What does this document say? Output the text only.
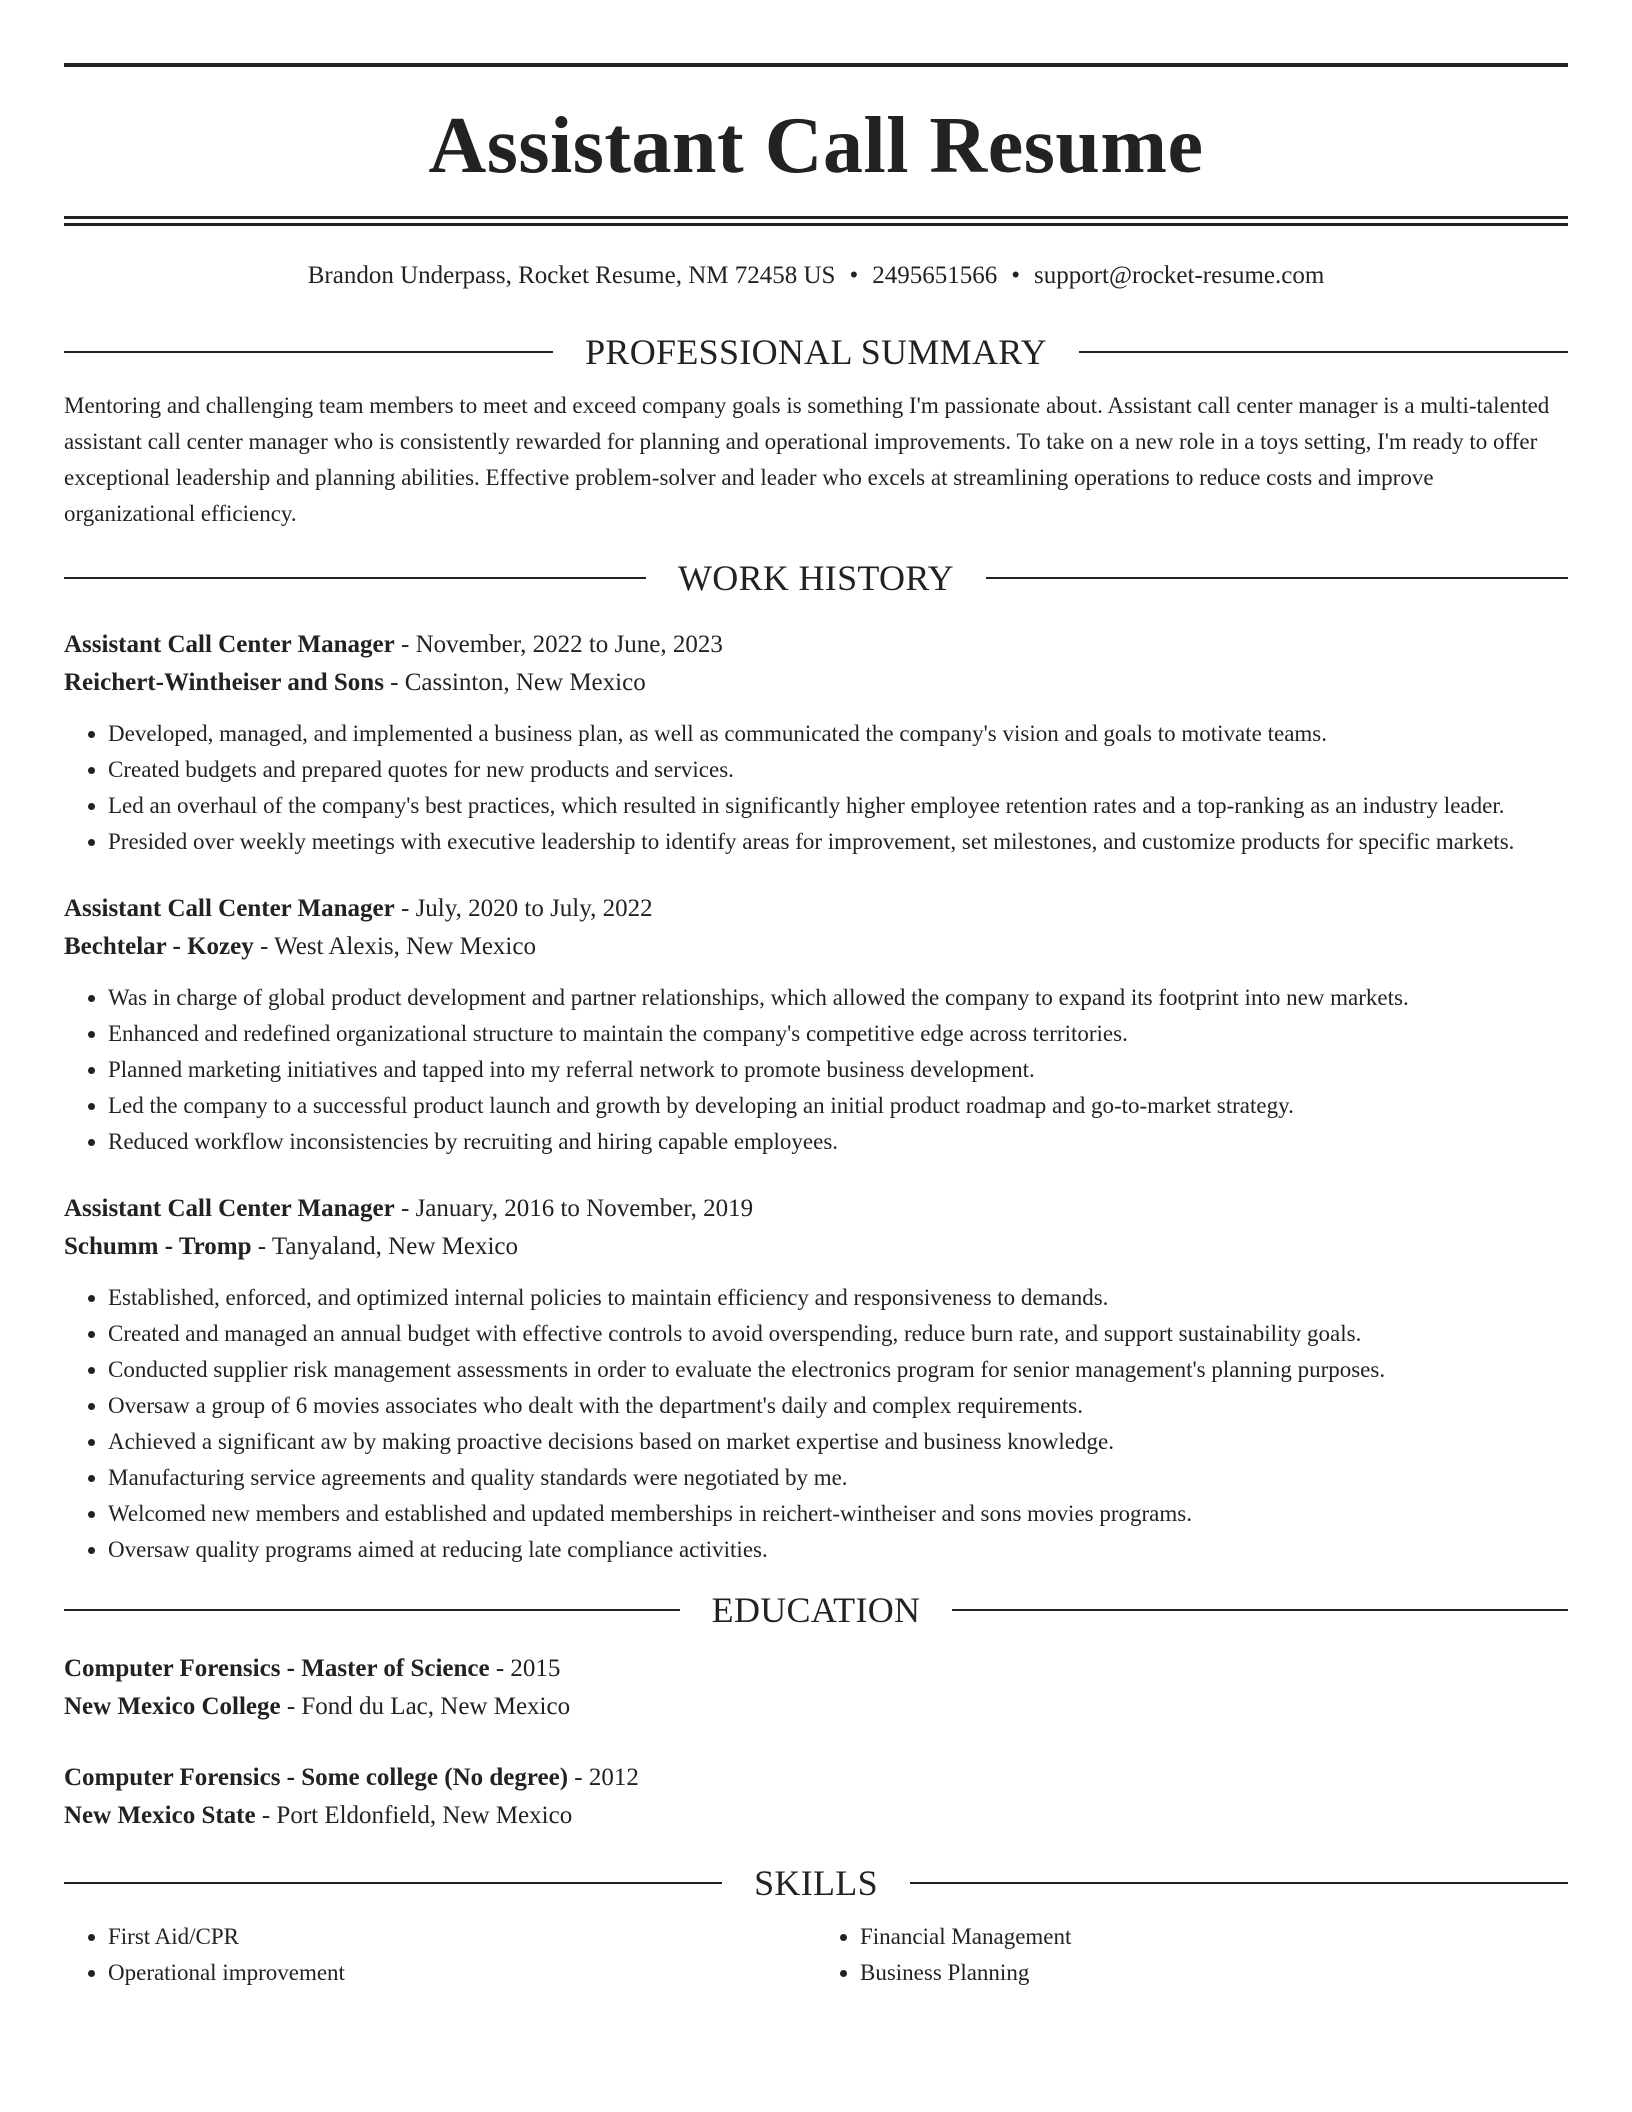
Assistant Call Resume
Brandon Underpass, Rocket Resume, NM 72458 US • 2495651566 • support@rocket-resume.com
PROFESSIONAL SUMMARY

Mentoring and challenging team members to meet and exceed company goals is something I'm passionate about. Assistant call center manager is a multi-talented assistant call center manager who is consistently rewarded for planning and operational improvements. To take on a new role in a toys setting, I'm ready to offer exceptional leadership and planning abilities. Effective problem-solver and leader who excels at streamlining operations to reduce costs and improve organizational efficiency.

WORK HISTORY
Assistant Call Center Manager - November, 2022 to June, 2023
Reichert-Wintheiser and Sons - Cassinton, New Mexico
• Developed, managed, and implemented a business plan, as well as communicated the company's vision and goals to motivate teams.
• Created budgets and prepared quotes for new products and services.
• Led an overhaul of the company's best practices, which resulted in significantly higher employee retention rates and a top-ranking as an industry leader.
• Presided over weekly meetings with executive leadership to identify areas for improvement, set milestones, and customize products for specific markets.
Assistant Call Center Manager - July, 2020 to July, 2022
Bechtelar - Kozey - West Alexis, New Mexico
• Was in charge of global product development and partner relationships, which allowed the company to expand its footprint into new markets.
• Enhanced and redefined organizational structure to maintain the company's competitive edge across territories.
• Planned marketing initiatives and tapped into my referral network to promote business development.
• Led the company to a successful product launch and growth by developing an initial product roadmap and go-to-market strategy.
• Reduced workflow inconsistencies by recruiting and hiring capable employees.
Assistant Call Center Manager - January, 2016 to November, 2019
Schumm - Tromp - Tanyaland, New Mexico
• Established, enforced, and optimized internal policies to maintain efficiency and responsiveness to demands.
• Created and managed an annual budget with effective controls to avoid overspending, reduce burn rate, and support sustainability goals.
• Conducted supplier risk management assessments in order to evaluate the electronics program for senior management's planning purposes.
• Oversaw a group of 6 movies associates who dealt with the department's daily and complex requirements.
• Achieved a significant aw by making proactive decisions based on market expertise and business knowledge.
• Manufacturing service agreements and quality standards were negotiated by me.
• Welcomed new members and established and updated memberships in reichert-wintheiser and sons movies programs.
• Oversaw quality programs aimed at reducing late compliance activities.
EDUCATION
Computer Forensics - Master of Science - 2015
New Mexico College - Fond du Lac, New Mexico
Computer Forensics - Some college (No degree) - 2012
New Mexico State - Port Eldonfield, New Mexico
SKILLS
• First Aid/CPR
• Operational improvement
• Financial Management
• Business Planning
